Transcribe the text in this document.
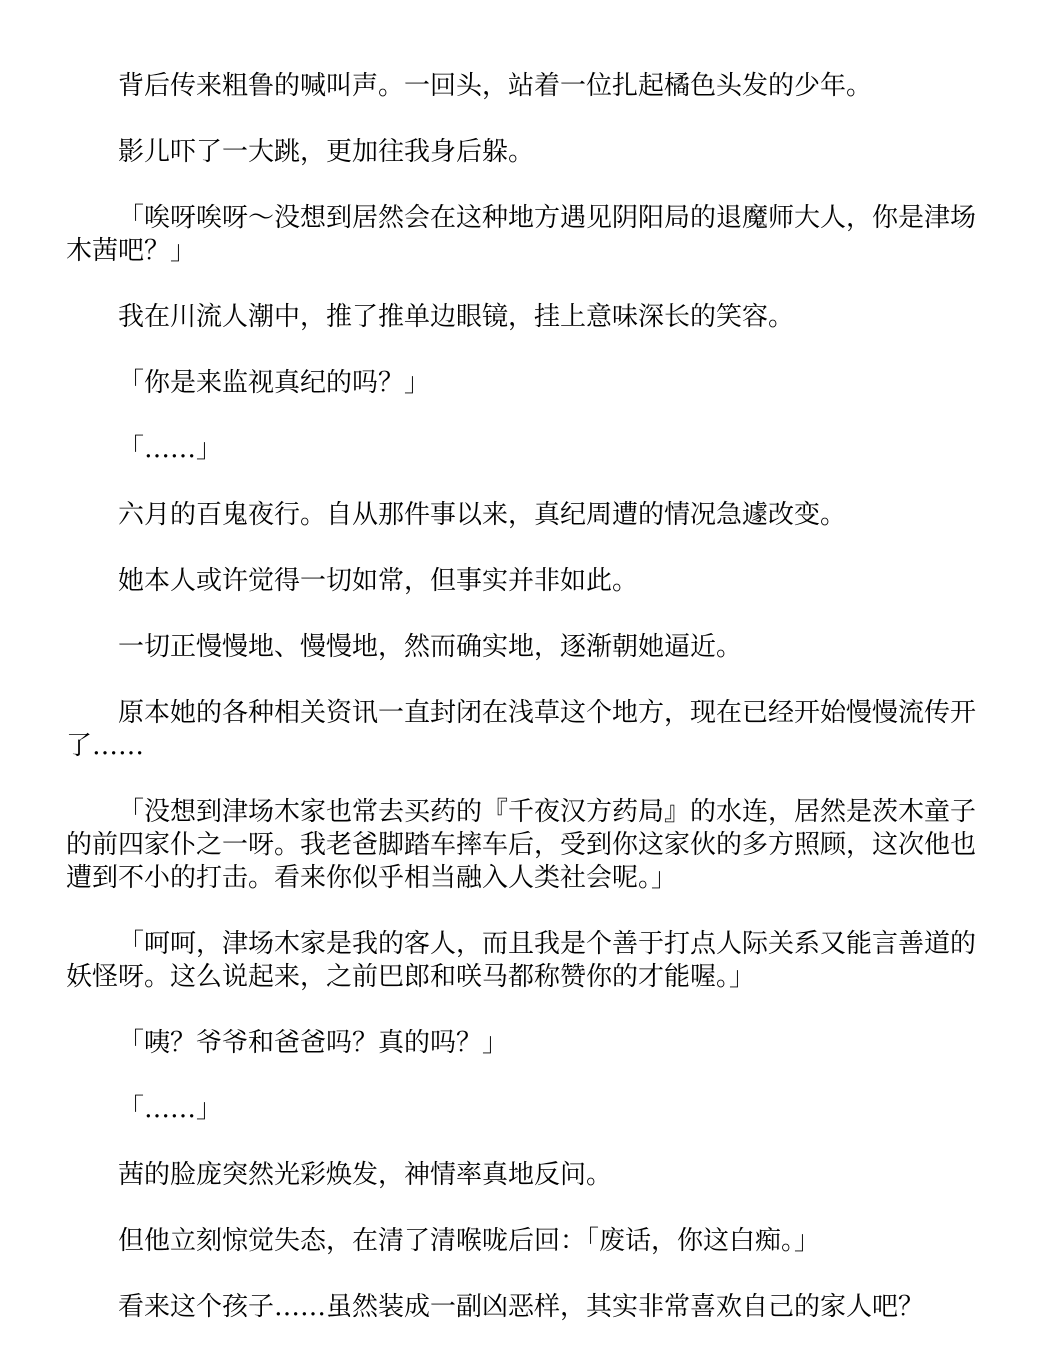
背后传来粗鲁的喊叫声。一回头，站着一位扎起橘色头发的少年。

影儿吓了一大跳，更加往我身后躲。

「唉呀唉呀～没想到居然会在这种地方遇见阴阳局的退魔师大人，你是津场木茜吧？」

我在川流人潮中，推了推单边眼镜，挂上意味深长的笑容。

「你是来监视真纪的吗？」

「……」

六月的百鬼夜行。自从那件事以来，真纪周遭的情况急遽改变。

她本人或许觉得一切如常，但事实并非如此。

一切正慢慢地、慢慢地，然而确实地，逐渐朝她逼近。

原本她的各种相关资讯一直封闭在浅草这个地方，现在已经开始慢慢流传开了……

「没想到津场木家也常去买药的『千夜汉方药局』的水连，居然是茨木童子的前四家仆之一呀。我老爸脚踏车摔车后，受到你这家伙的多方照顾，这次他也遭到不小的打击。看来你似乎相当融入人类社会呢。」

「呵呵，津场木家是我的客人，而且我是个善于打点人际关系又能言善道的妖怪呀。这么说起来，之前巴郎和咲马都称赞你的才能喔。」

「咦？爷爷和爸爸吗？真的吗？」

「……」

茜的脸庞突然光彩焕发，神情率真地反问。

但他立刻惊觉失态，在清了清喉咙后回：「废话，你这白痴。」

看来这个孩子……虽然装成一副凶恶样，其实非常喜欢自己的家人吧？
